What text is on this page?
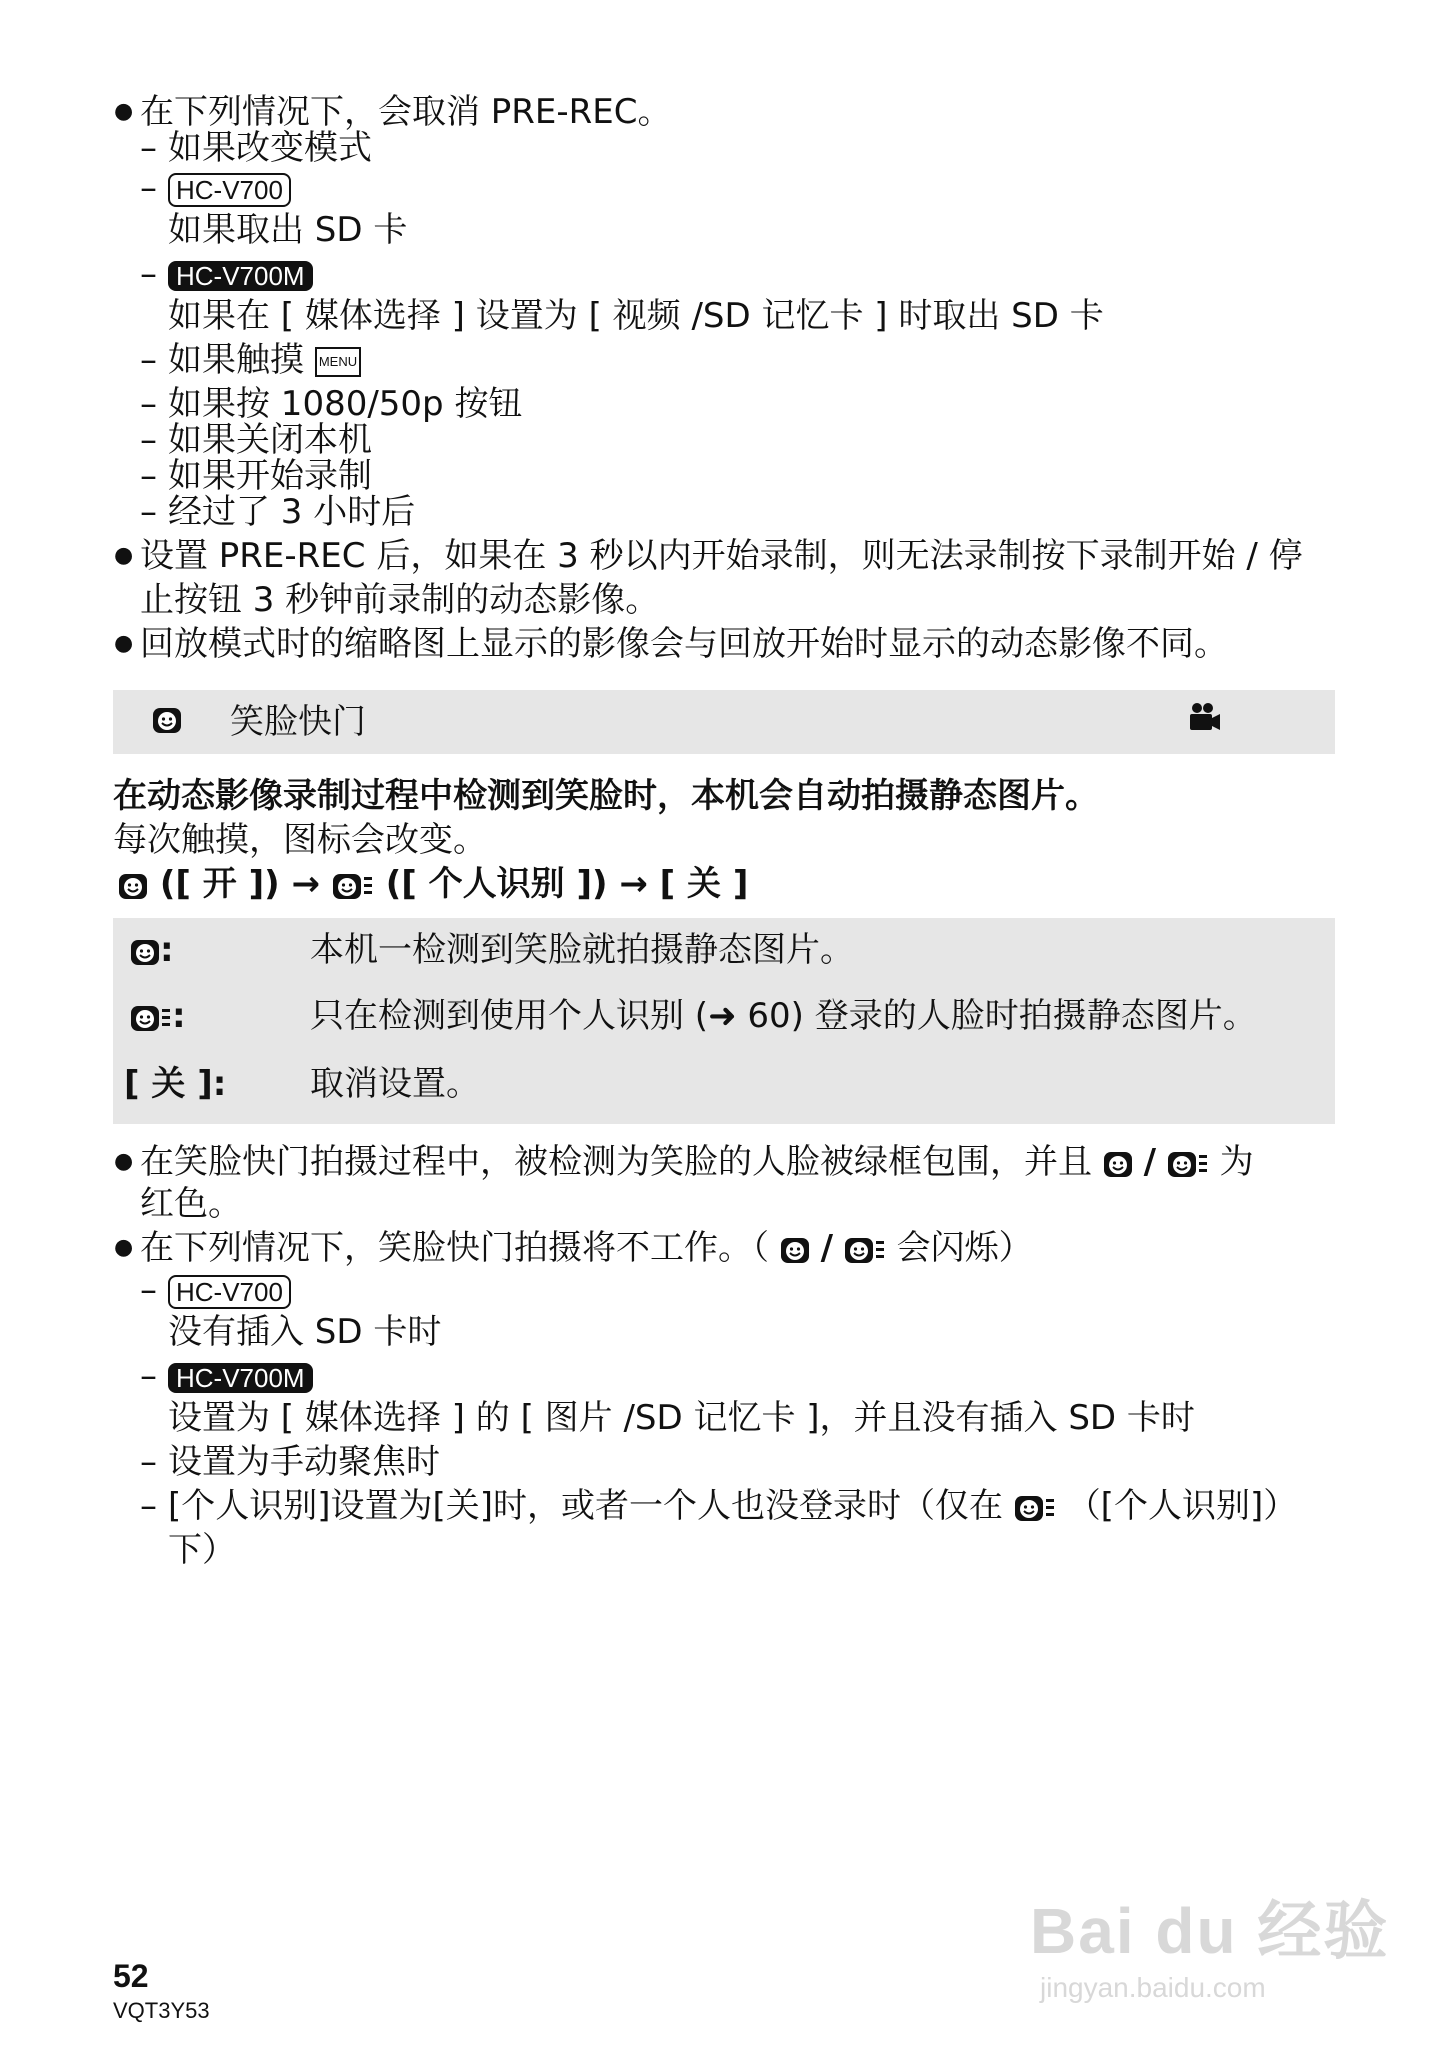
● 在下列情况下，会取消 PRE-REC。
– 如果改变模式
– HC-V700
如果取出 SD 卡
– HC-V700M
如果在 [ 媒体选择 ] 设置为 [ 视频 /SD 记忆卡 ] 时取出 SD 卡
– 如果触摸 MENU
– 如果按 1080/50p 按钮
– 如果关闭本机
– 如果开始录制
– 经过了 3 小时后
● 设置 PRE-REC 后，如果在 3 秒以内开始录制，则无法录制按下录制开始 / 停
止按钮 3 秒钟前录制的动态影像。
● 回放模式时的缩略图上显示的影像会与回放开始时显示的动态影像不同。
笑脸快门
在动态影像录制过程中检测到笑脸时，本机会自动拍摄静态图片。
每次触摸，图标会改变。
([ 开 ]) → ([ 个人识别 ]) → [ 关 ]
:	本机一检测到笑脸就拍摄静态图片。
:	只在检测到使用个人识别 (➜ 60) 登录的人脸时拍摄静态图片。
[ 关 ]: 取消设置。
● 在笑脸快门拍摄过程中，被检测为笑脸的人脸被绿框包围，并且 / 为
红色。
● 在下列情况下，笑脸快门拍摄将不工作。（ / 会闪烁）
– HC-V700
没有插入 SD 卡时
– HC-V700M
设置为 [ 媒体选择 ] 的 [ 图片 /SD 记忆卡 ]，并且没有插入 SD 卡时
– 设置为手动聚焦时
– [个人识别]设置为[关]时，或者一个人也没登录时（仅在 （[个人识别]）
下）
52
VQT3Y53
Bai du 经验
jingyan.baidu.com
